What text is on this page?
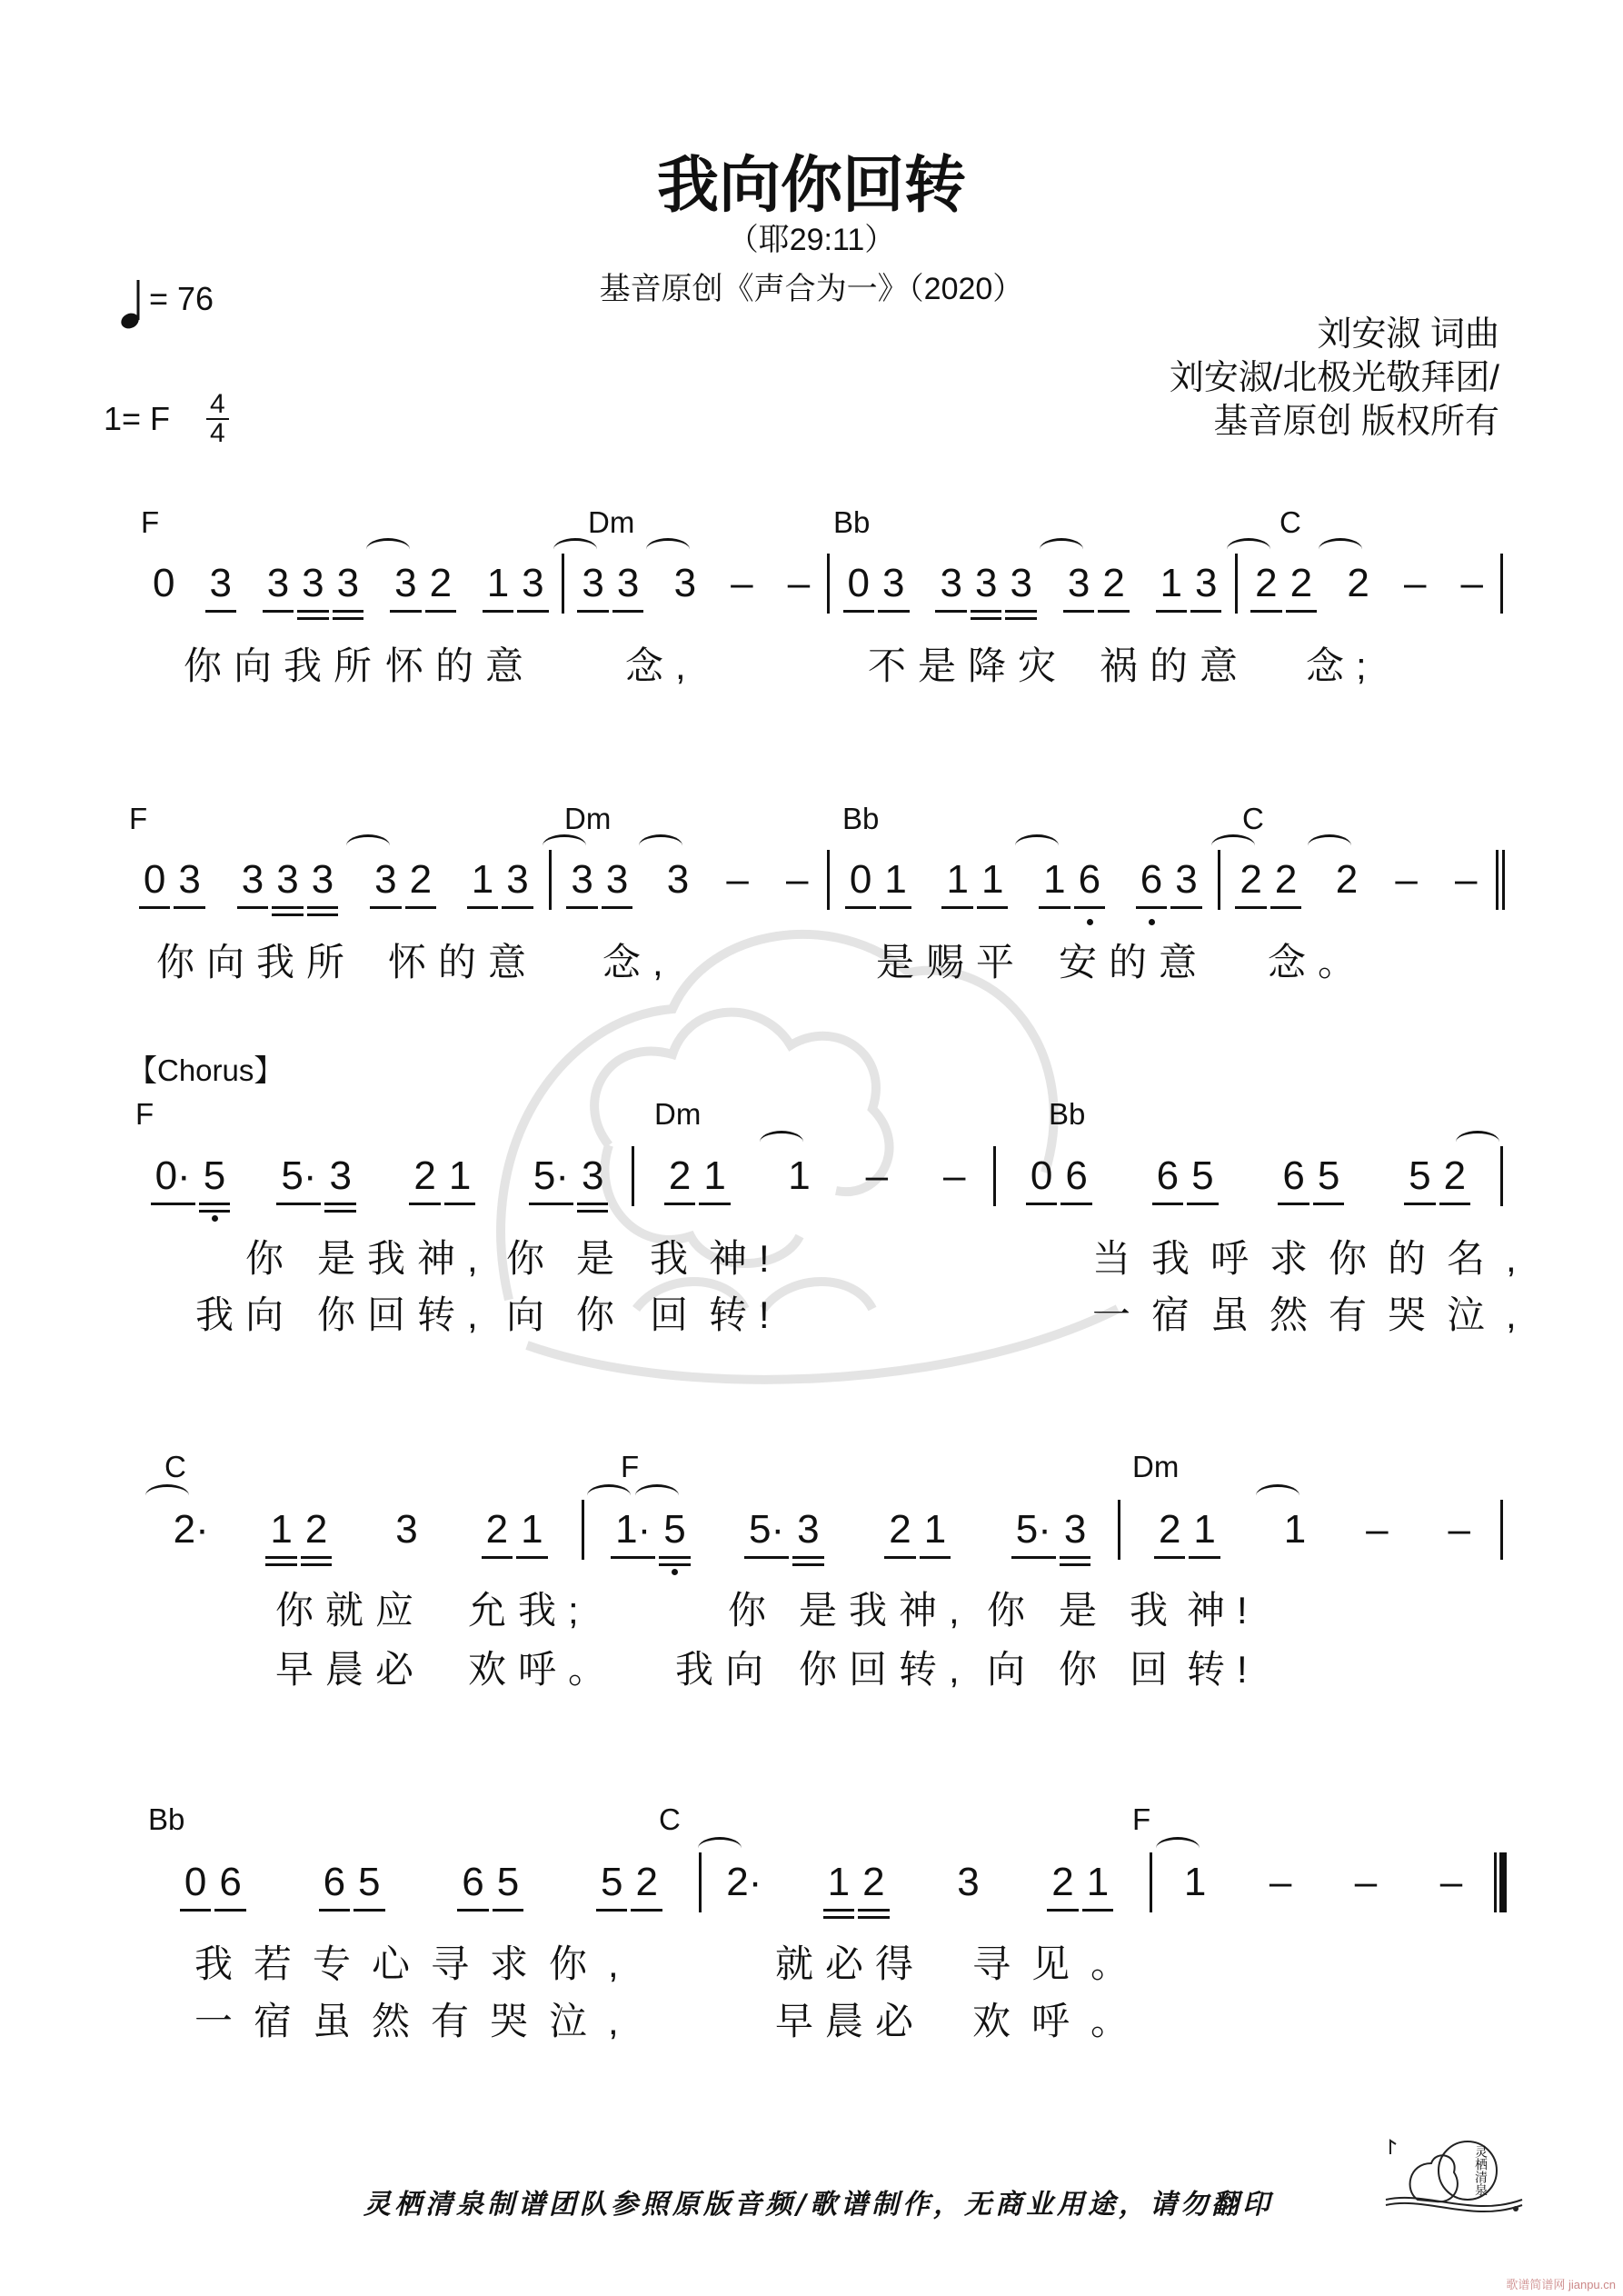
我向你回转
（耶29:11）
基音原创《声合为一》（2020）
= 76
1= F 4
4
刘安淑 词曲
刘安淑/北极光敬拜团/
基音原创 版权所有
F	Dm	Bb	C
F	Dm	Bb	C
【Chorus】
F	Dm	Bb
C	F	Dm
Bb	C	F
0 3 3 3 3 3 2 1 3 3 3 3 – – 0 3 3 3 3 3 2 1 3 2 2 2 – –
0 3 3 3 3 3 2 1 3 3 3 3 – – 0 1 1 1 1 6 6 3 2 2 2 – –
0· 5 5· 3 2 1 5· 3 2 1 1 – – 0 6 6 5 6 5 5 2
2· 1 2 3 2 1 1· 5 5· 3 2 1 5· 3 2 1 1 – –
0 6 6 5 6 5 5 2 2· 1 2 3 2 1 1 – – –
你向我所 怀的意 念,	不是降灾 祸的意 念;
你向我所 怀的意 念,	是赐平 安的意 念。
你 是我神, 你 是 我 神!	当我呼求你的名,
我向 你回转, 向 你 回 转!	一宿虽然有哭泣,
你就应 允我;	你 是我神, 你 是 我 神!
早晨必 欢呼。 我向 你回转, 向 你 回 转!
我若专心寻求你,	就必得 寻见。
一宿虽然有哭泣,	早晨必 欢呼。
灵栖清泉制谱团队参照原版音频/歌谱制作，无商业用途，请勿翻印
灵栖清泉
歌谱简谱网 jianpu.cn
